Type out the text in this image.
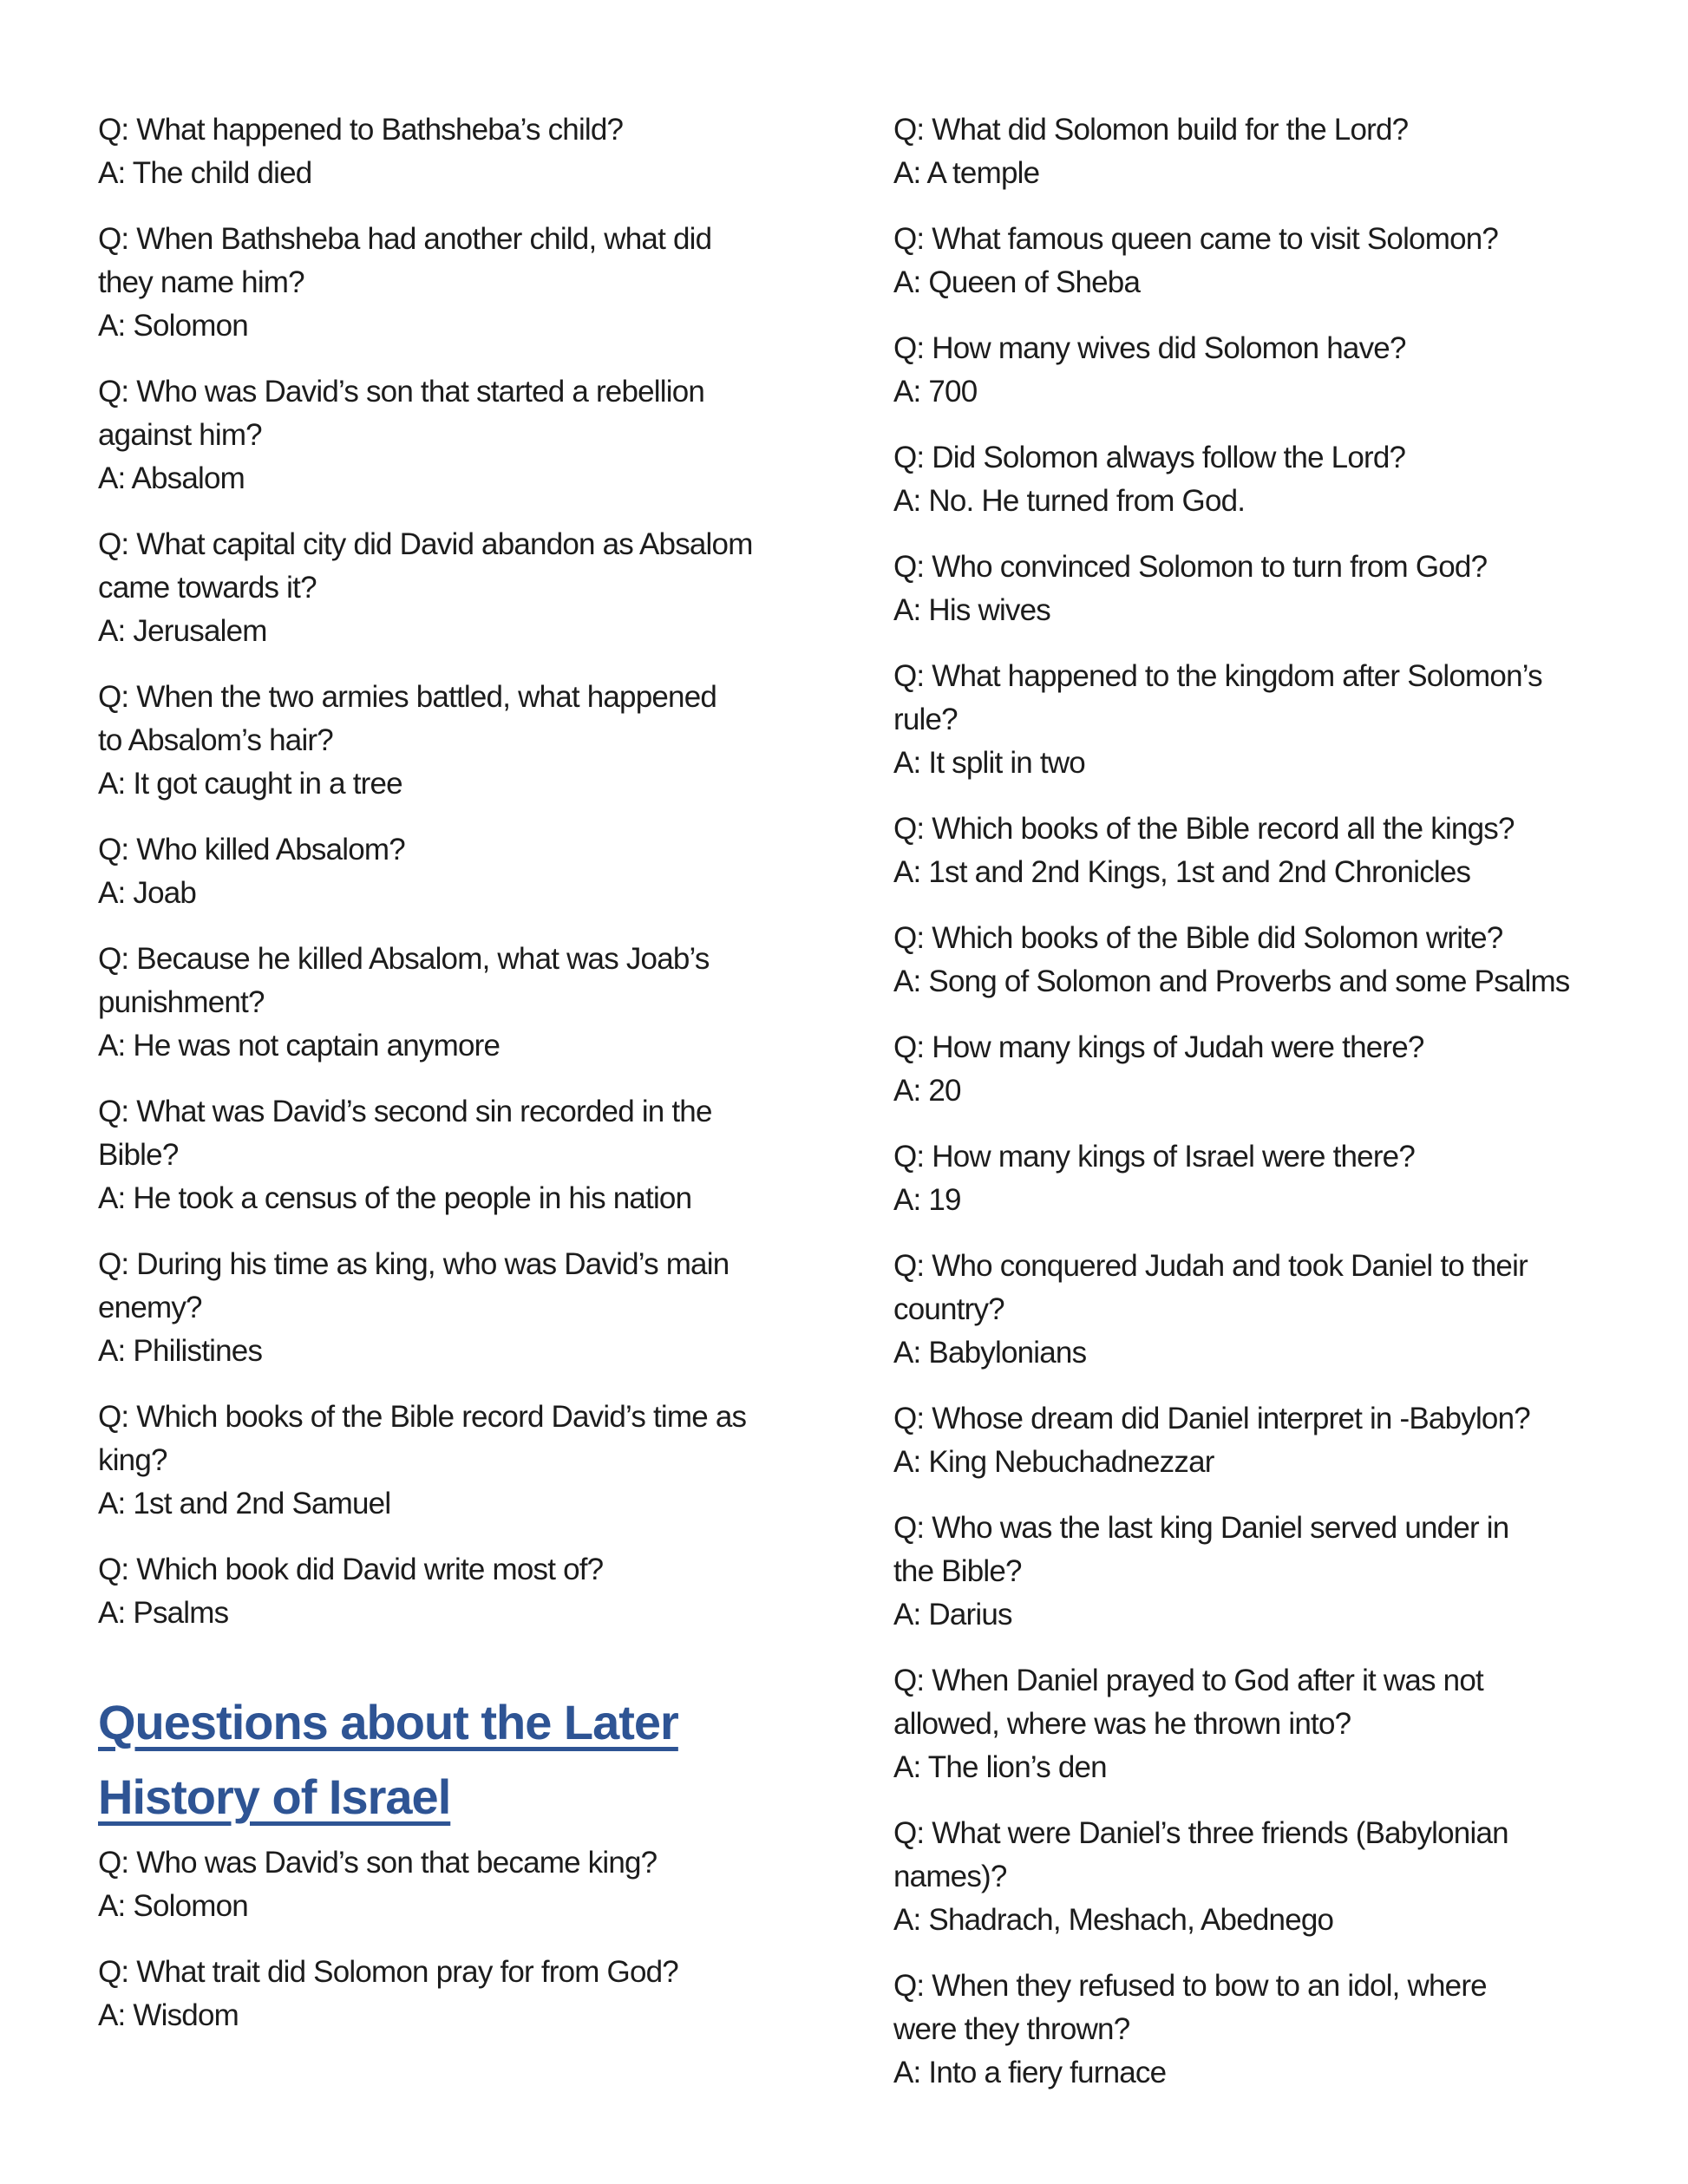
Q: What happened to Bathsheba’s child?
A: The child died
Q: When Bathsheba had another child, what did
they name him?
A: Solomon
Q: Who was David’s son that started a rebellion
against him?
A: Absalom
Q: What capital city did David abandon as Absalom
came towards it?
A: Jerusalem
Q: When the two armies battled, what happened
to Absalom’s hair?
A: It got caught in a tree
Q: Who killed Absalom?
A: Joab
Q: Because he killed Absalom, what was Joab’s
punishment?
A: He was not captain anymore
Q: What was David’s second sin recorded in the
Bible?
A: He took a census of the people in his nation
Q: During his time as king, who was David’s main
enemy?
A: Philistines
Q: Which books of the Bible record David’s time as
king?
A: 1st and 2nd Samuel
Q: Which book did David write most of?
A: Psalms
Questions about the Later
History of Israel
Q: Who was David’s son that became king?
A: Solomon
Q: What trait did Solomon pray for from God?
A: Wisdom
Q: What did Solomon build for the Lord?
A: A temple
Q: What famous queen came to visit Solomon?
A: Queen of Sheba
Q: How many wives did Solomon have?
A: 700
Q: Did Solomon always follow the Lord?
A: No. He turned from God.
Q: Who convinced Solomon to turn from God?
A: His wives
Q: What happened to the kingdom after Solomon’s
rule?
A: It split in two
Q: Which books of the Bible record all the kings?
A: 1st and 2nd Kings, 1st and 2nd Chronicles
Q: Which books of the Bible did Solomon write?
A: Song of Solomon and Proverbs and some Psalms
Q: How many kings of Judah were there?
A: 20
Q: How many kings of Israel were there?
A: 19
Q: Who conquered Judah and took Daniel to their
country?
A: Babylonians
Q: Whose dream did Daniel interpret in -Babylon?
A: King Nebuchadnezzar
Q: Who was the last king Daniel served under in
the Bible?
A: Darius
Q: When Daniel prayed to God after it was not
allowed, where was he thrown into?
A: The lion’s den
Q: What were Daniel’s three friends (Babylonian
names)?
A: Shadrach, Meshach, Abednego
Q: When they refused to bow to an idol, where
were they thrown?
A: Into a fiery furnace
